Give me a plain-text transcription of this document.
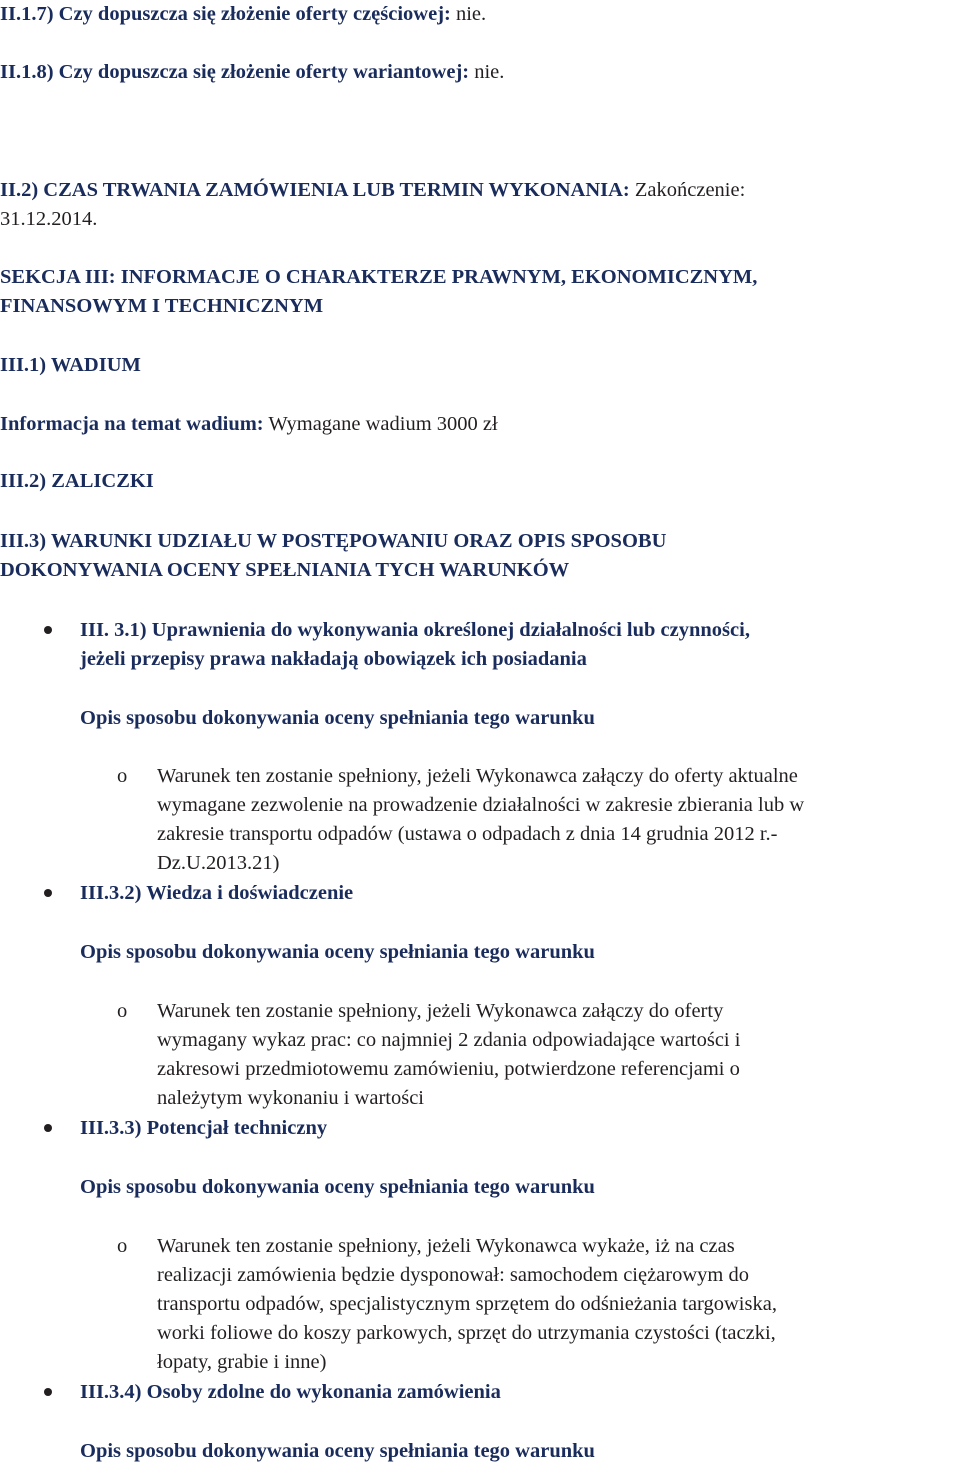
II.1.7) Czy dopuszcza się złożenie oferty częściowej: nie.
II.1.8) Czy dopuszcza się złożenie oferty wariantowej: nie.
II.2) CZAS TRWANIA ZAMÓWIENIA LUB TERMIN WYKONANIA: Zakończenie:
31.12.2014.
SEKCJA III: INFORMACJE O CHARAKTERZE PRAWNYM, EKONOMICZNYM,
FINANSOWYM I TECHNICZNYM
III.1) WADIUM
Informacja na temat wadium: Wymagane wadium 3000 zł
III.2) ZALICZKI
III.3) WARUNKI UDZIAŁU W POSTĘPOWANIU ORAZ OPIS SPOSOBU
DOKONYWANIA OCENY SPEŁNIANIA TYCH WARUNKÓW
III. 3.1) Uprawnienia do wykonywania określonej działalności lub czynności,
jeżeli przepisy prawa nakładają obowiązek ich posiadania
Opis sposobu dokonywania oceny spełniania tego warunku
o Warunek ten zostanie spełniony, jeżeli Wykonawca załączy do oferty aktualne
wymagane zezwolenie na prowadzenie działalności w zakresie zbierania lub w
zakresie transportu odpadów (ustawa o odpadach z dnia 14 grudnia 2012 r.-
Dz.U.2013.21)
III.3.2) Wiedza i doświadczenie
Opis sposobu dokonywania oceny spełniania tego warunku
o Warunek ten zostanie spełniony, jeżeli Wykonawca załączy do oferty
wymagany wykaz prac: co najmniej 2 zdania odpowiadające wartości i
zakresowi przedmiotowemu zamówieniu, potwierdzone referencjami o
należytym wykonaniu i wartości
III.3.3) Potencjał techniczny
Opis sposobu dokonywania oceny spełniania tego warunku
o Warunek ten zostanie spełniony, jeżeli Wykonawca wykaże, iż na czas
realizacji zamówienia będzie dysponował: samochodem ciężarowym do
transportu odpadów, specjalistycznym sprzętem do odśnieżania targowiska,
worki foliowe do koszy parkowych, sprzęt do utrzymania czystości (taczki,
łopaty, grabie i inne)
III.3.4) Osoby zdolne do wykonania zamówienia
Opis sposobu dokonywania oceny spełniania tego warunku
